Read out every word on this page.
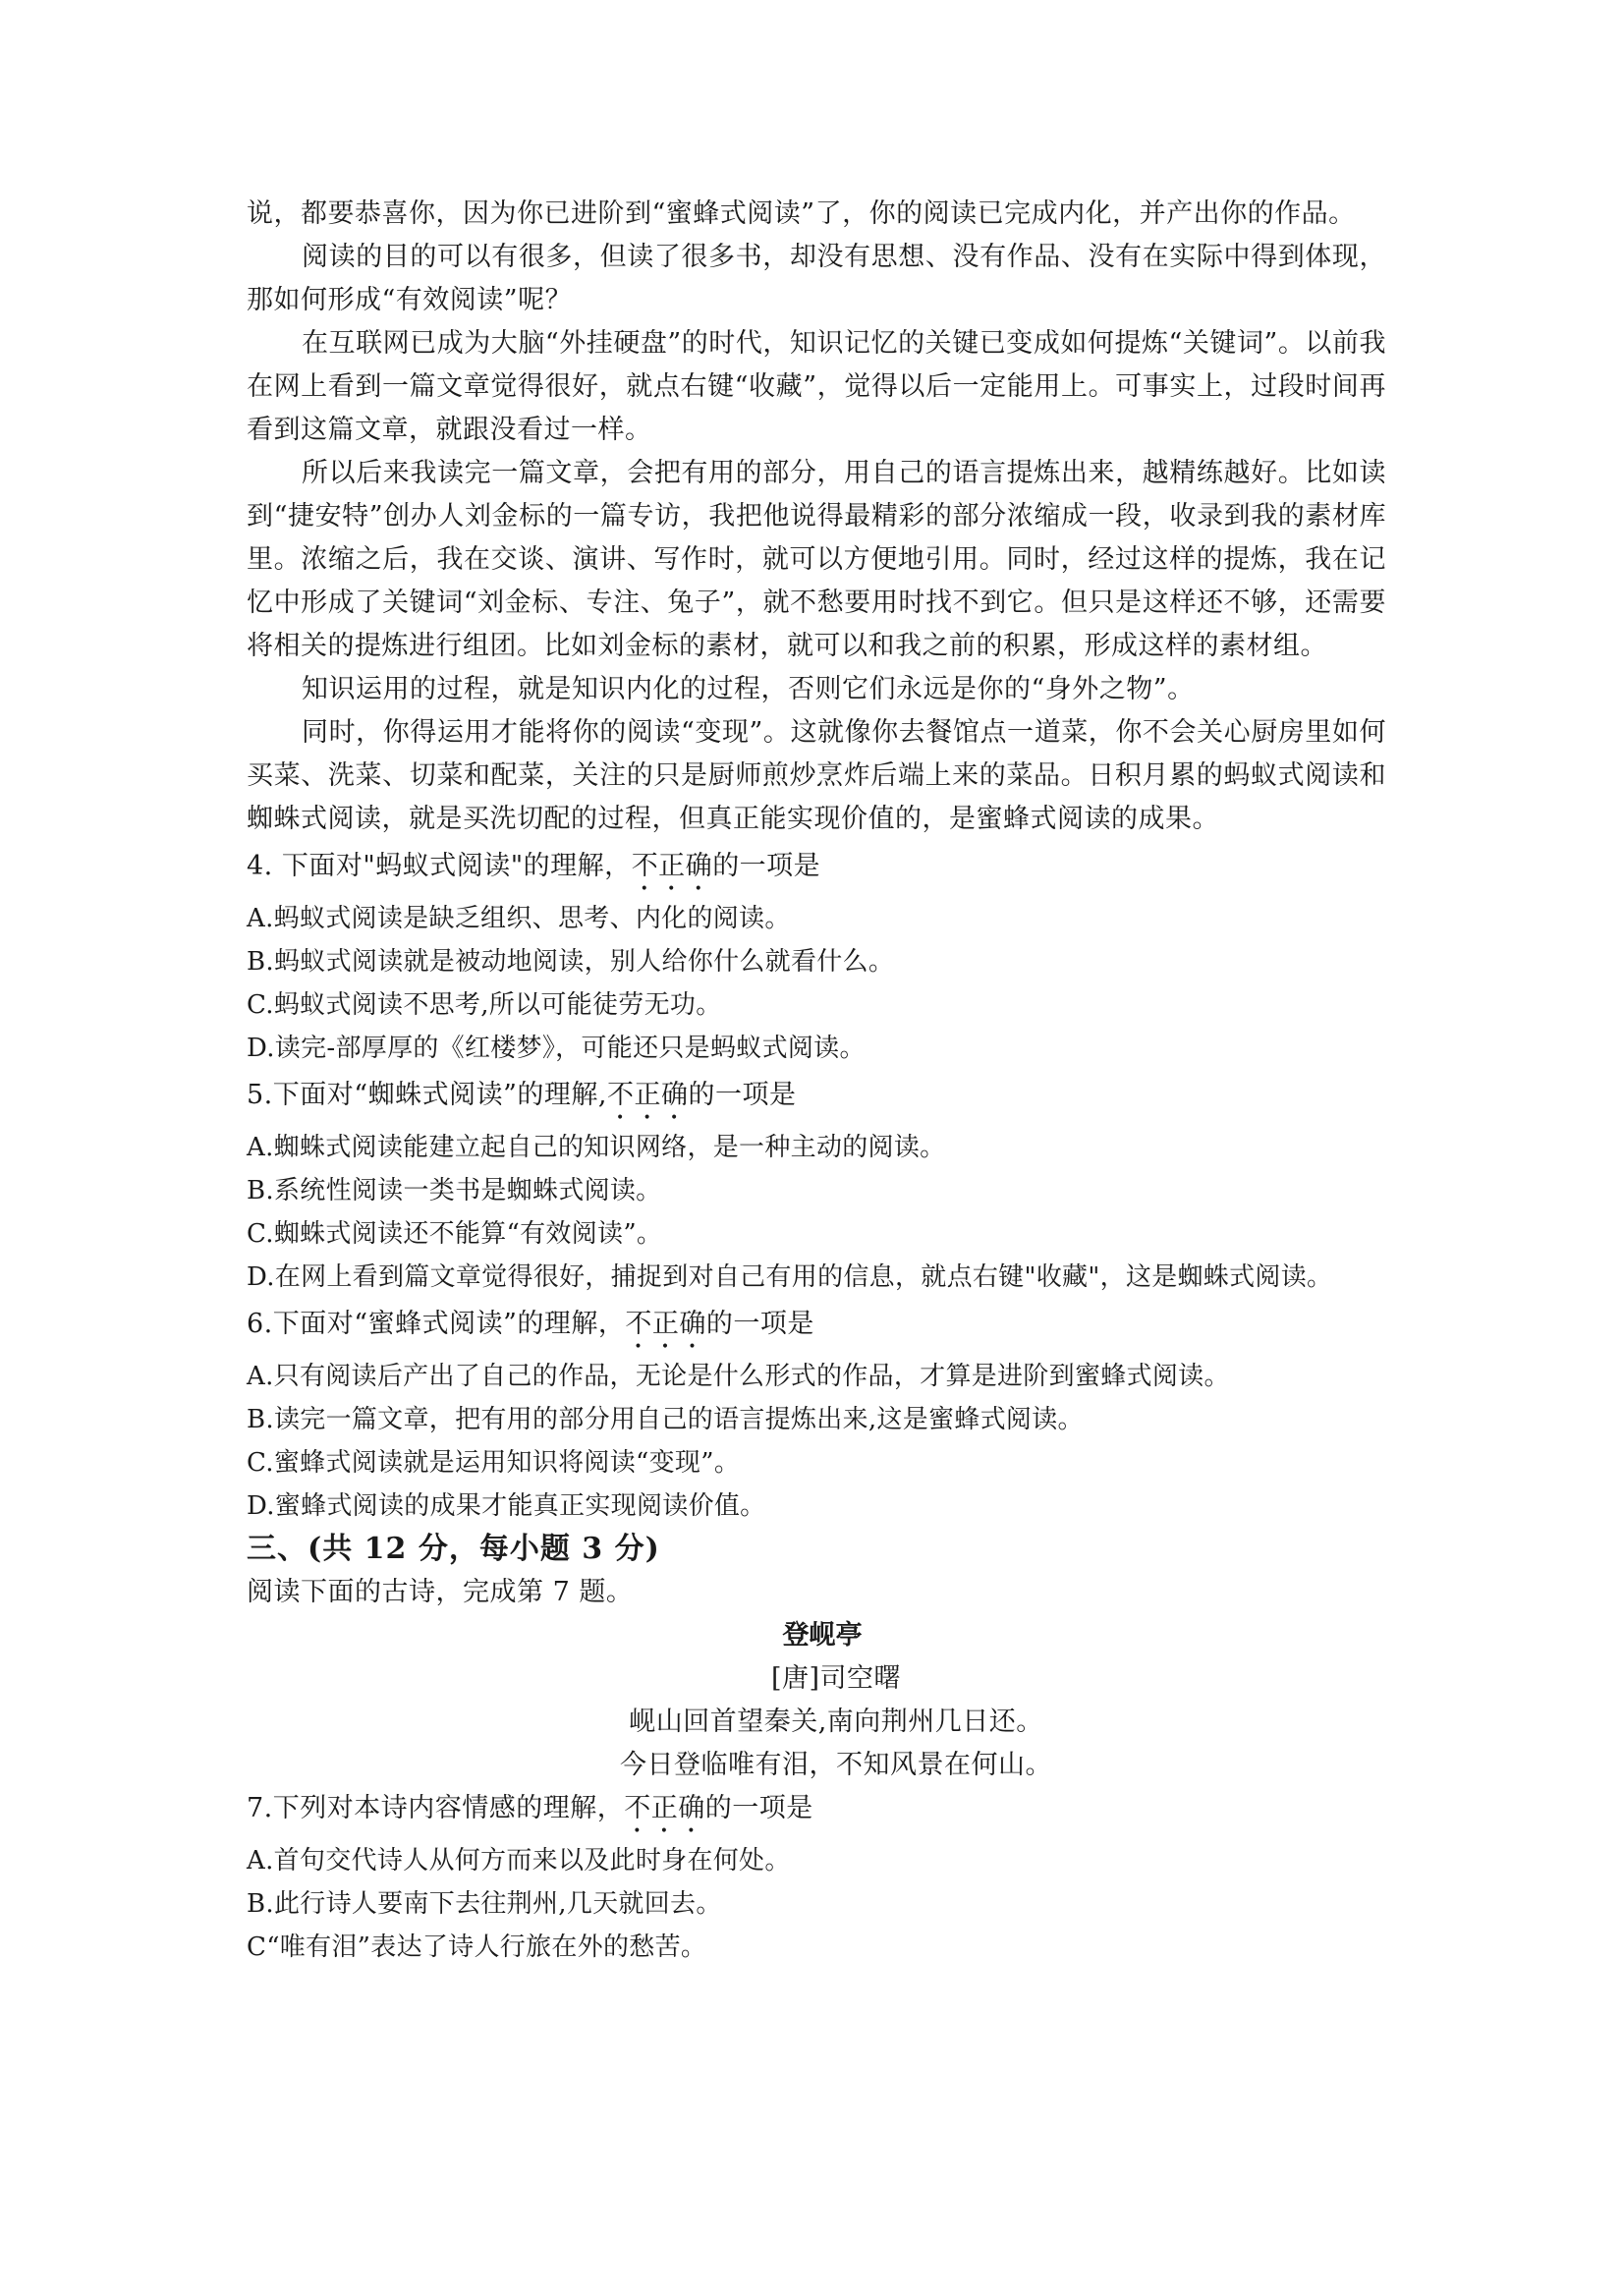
说，都要恭喜你，因为你已进阶到“蜜蜂式阅读”了，你的阅读已完成内化，并产出你的作品。

阅读的目的可以有很多，但读了很多书，却没有思想、没有作品、没有在实际中得到体现，那如何形成“有效阅读”呢？

在互联网已成为大脑“外挂硬盘”的时代，知识记忆的关键已变成如何提炼“关键词”。以前我在网上看到一篇文章觉得很好，就点右键“收藏”，觉得以后一定能用上。可事实上，过段时间再看到这篇文章，就跟没看过一样。

所以后来我读完一篇文章，会把有用的部分，用自己的语言提炼出来，越精练越好。比如读到“捷安特”创办人刘金标的一篇专访，我把他说得最精彩的部分浓缩成一段，收录到我的素材库里。浓缩之后，我在交谈、演讲、写作时，就可以方便地引用。同时，经过这样的提炼，我在记忆中形成了关键词“刘金标、专注、兔子”，就不愁要用时找不到它。但只是这样还不够，还需要将相关的提炼进行组团。比如刘金标的素材，就可以和我之前的积累，形成这样的素材组。

知识运用的过程，就是知识内化的过程，否则它们永远是你的“身外之物”。

同时，你得运用才能将你的阅读“变现”。这就像你去餐馆点一道菜，你不会关心厨房里如何买菜、洗菜、切菜和配菜，关注的只是厨师煎炒烹炸后端上来的菜品。日积月累的蚂蚁式阅读和蜘蛛式阅读，就是买洗切配的过程，但真正能实现价值的，是蜜蜂式阅读的成果。

4. 下面对"蚂蚁式阅读"的理解，不正确的一项是

A.蚂蚁式阅读是缺乏组织、思考、内化的阅读。

B.蚂蚁式阅读就是被动地阅读，别人给你什么就看什么。

C.蚂蚁式阅读不思考,所以可能徒劳无功。

D.读完-部厚厚的《红楼梦》，可能还只是蚂蚁式阅读。

5.下面对“蜘蛛式阅读”的理解,不正确的一项是

A.蜘蛛式阅读能建立起自己的知识网络，是一种主动的阅读。

B.系统性阅读一类书是蜘蛛式阅读。

C.蜘蛛式阅读还不能算“有效阅读”。

D.在网上看到篇文章觉得很好，捕捉到对自己有用的信息，就点右键"收藏"，这是蜘蛛式阅读。

6.下面对“蜜蜂式阅读”的理解，不正确的一项是

A.只有阅读后产出了自己的作品，无论是什么形式的作品，才算是进阶到蜜蜂式阅读。

B.读完一篇文章，把有用的部分用自己的语言提炼出来,这是蜜蜂式阅读。

C.蜜蜂式阅读就是运用知识将阅读“变现”。

D.蜜蜂式阅读的成果才能真正实现阅读价值。

三、(共 12 分，每小题 3 分)

阅读下面的古诗，完成第 7 题。

登岘亭

[唐]司空曙

岘山回首望秦关,南向荆州几日还。

今日登临唯有泪，不知风景在何山。

7.下列对本诗内容情感的理解，不正确的一项是

A.首句交代诗人从何方而来以及此时身在何处。

B.此行诗人要南下去往荆州,几天就回去。

C“唯有泪”表达了诗人行旅在外的愁苦。
